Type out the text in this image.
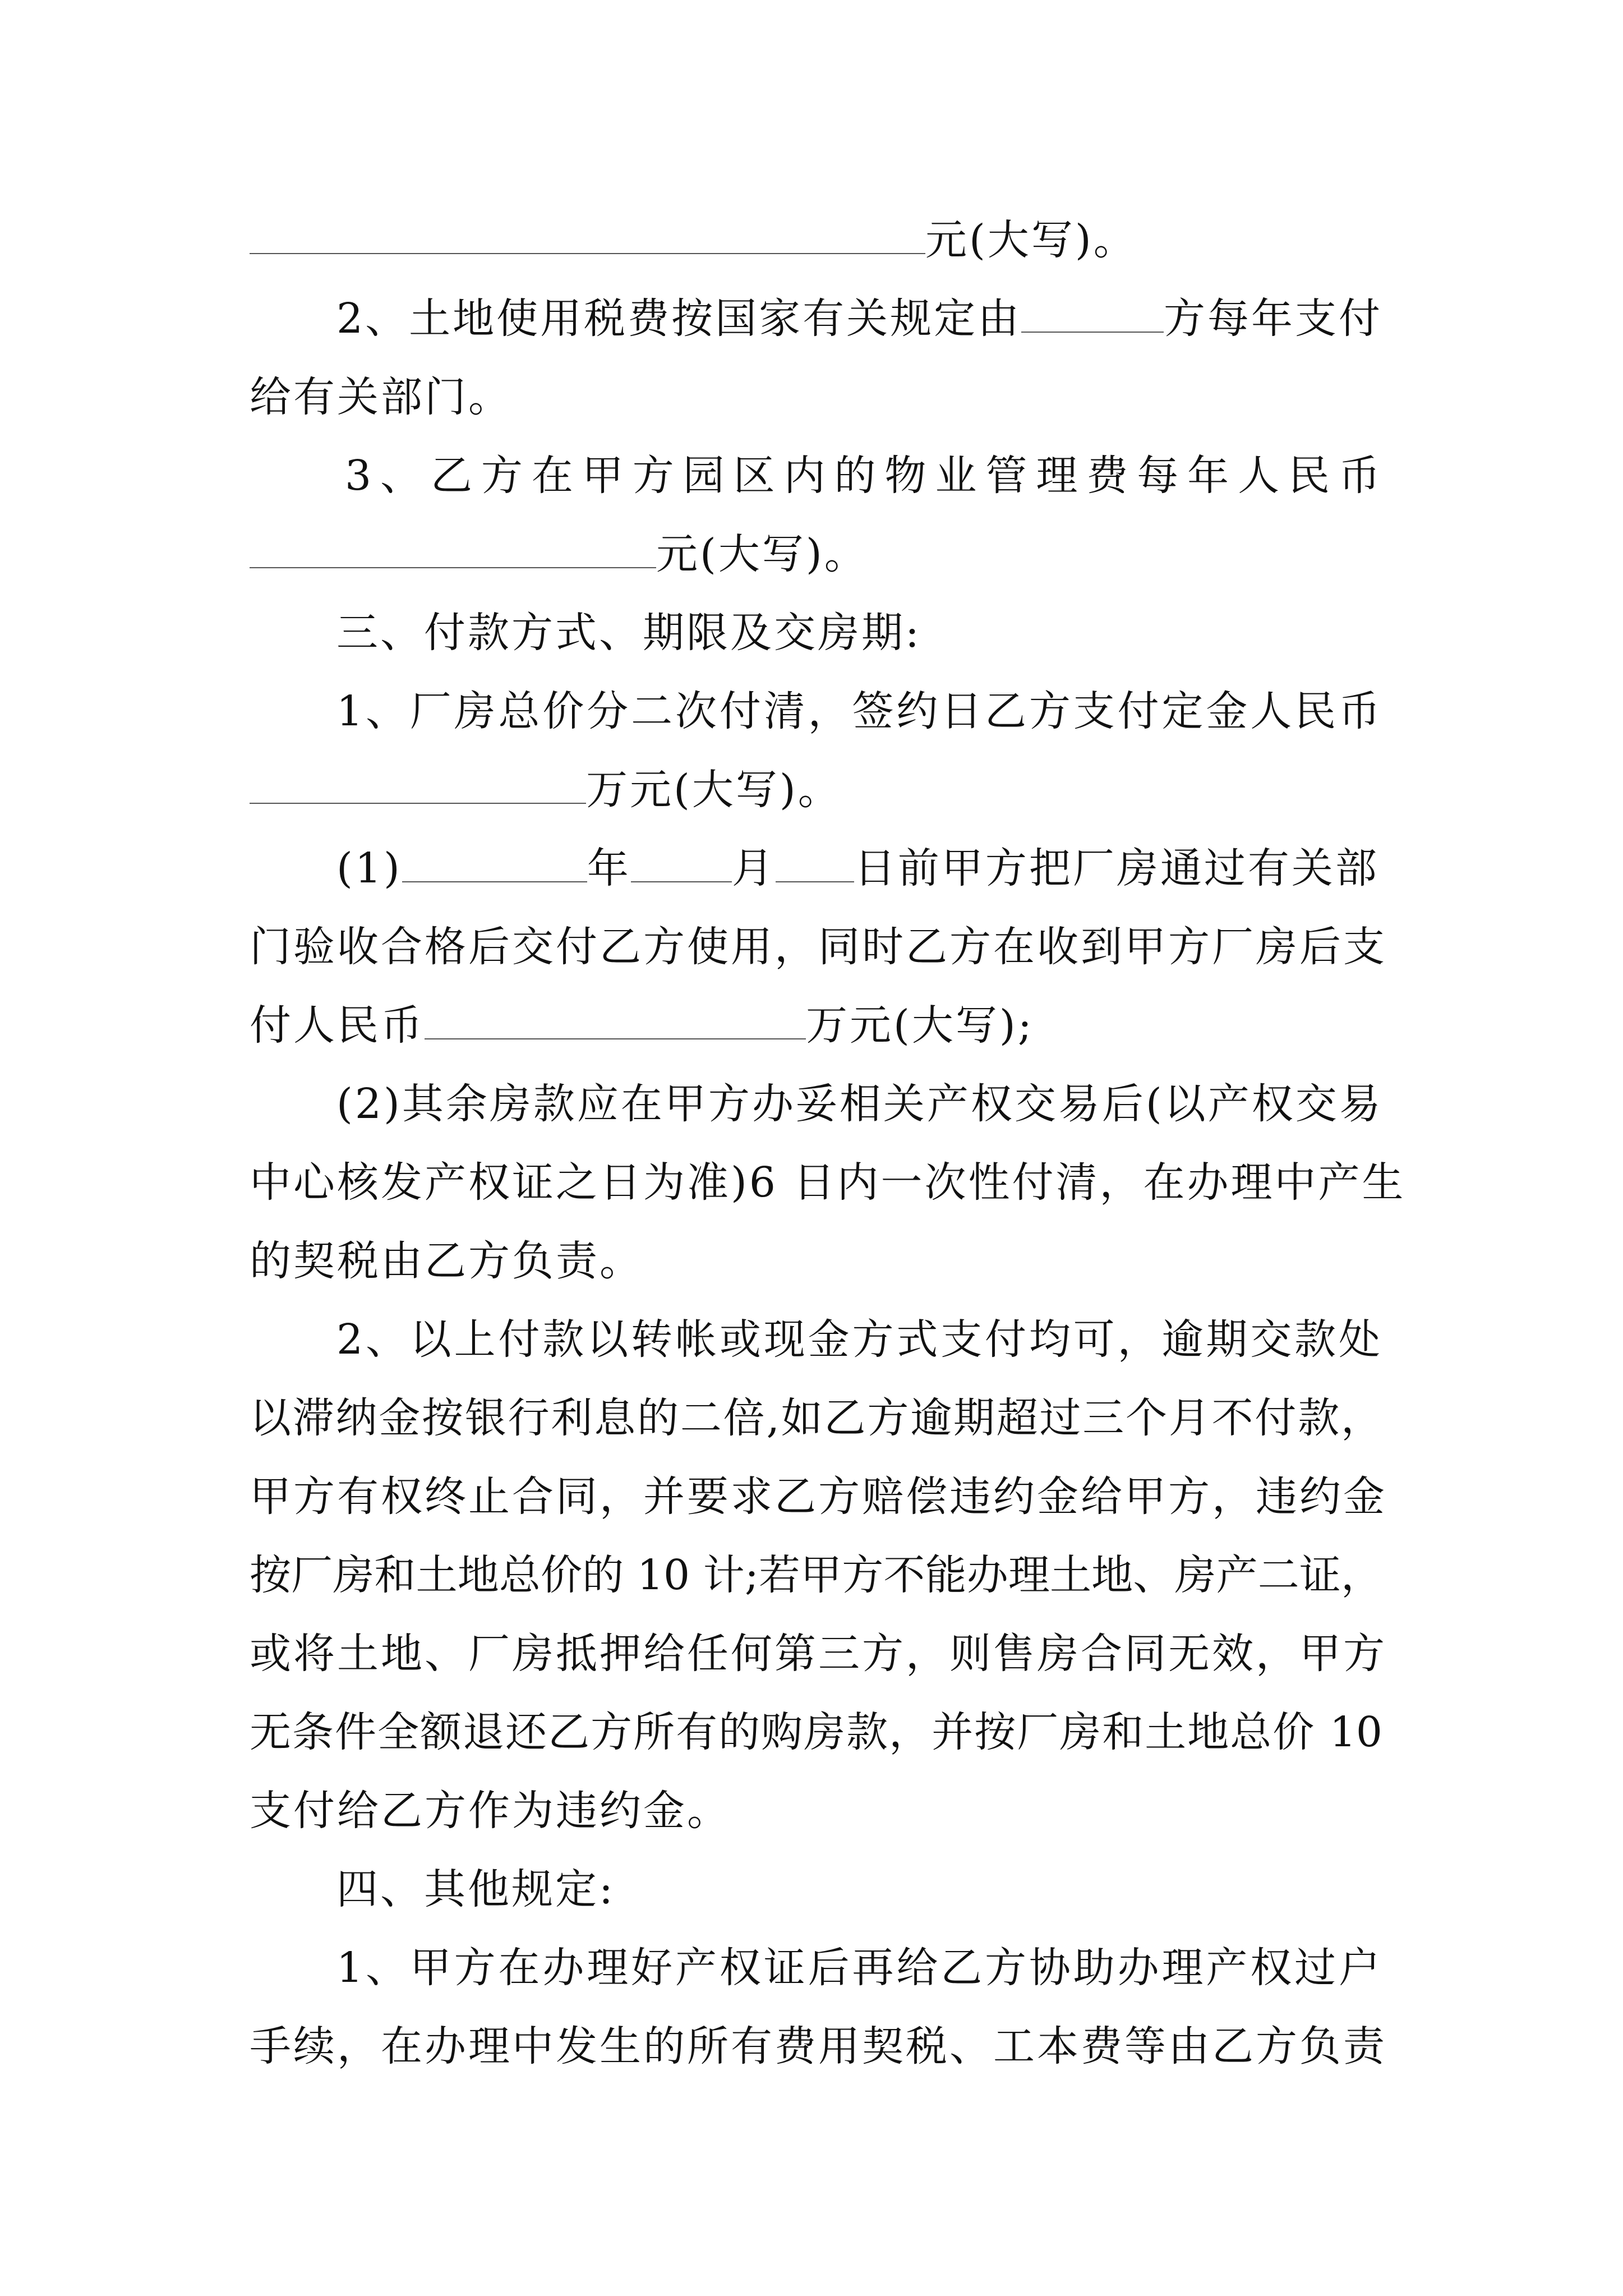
元(大写)。
2、土地使用税费按国家有关规定由	方每年支付
给有关部门。
3、乙方在甲方园区内的物业管理费每年人民币
元(大写)。
三、付款方式、期限及交房期:
1、厂房总价分二次付清，签约日乙方支付定金人民币
万元(大写)。
(1)	年 月 日前甲方把厂房通过有关部
门验收合格后交付乙方使用，同时乙方在收到甲方厂房后支
付人民币	万元(大写);
(2)其余房款应在甲方办妥相关产权交易后(以产权交易
中心核发产权证之日为准)6 日内一次性付清，在办理中产生
的契税由乙方负责。
2、以上付款以转帐或现金方式支付均可，逾期交款处
以滞纳金按银行利息的二倍,如乙方逾期超过三个月不付款，
甲方有权终止合同，并要求乙方赔偿违约金给甲方，违约金
按厂房和土地总价的 10 计;若甲方不能办理土地、房产二证，
或将土地、厂房抵押给任何第三方，则售房合同无效，甲方
无条件全额退还乙方所有的购房款，并按厂房和土地总价 10
支付给乙方作为违约金。
四、其他规定:
1、甲方在办理好产权证后再给乙方协助办理产权过户
手续，在办理中发生的所有费用契税、工本费等由乙方负责
